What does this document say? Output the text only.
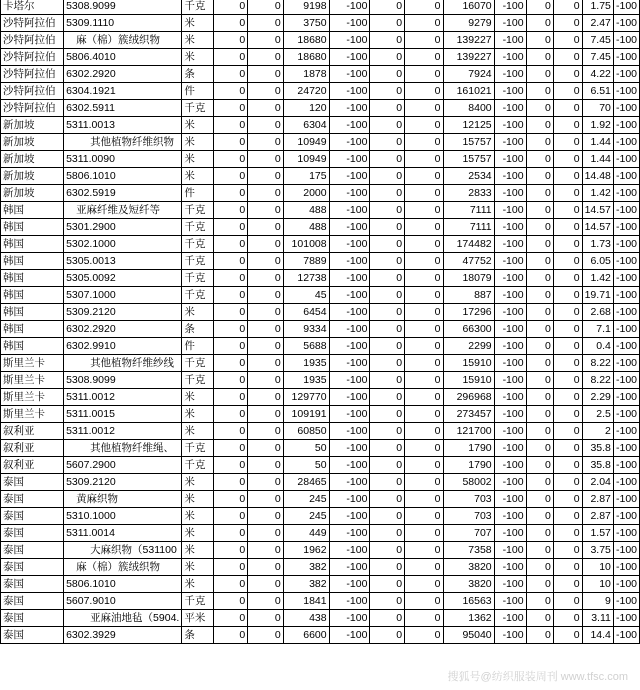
卡塔尔	5308.9099	千克	0	0	9198	-100	0	0	16070	-100	0	0	1.75	-100
沙特阿拉伯	5309.1110	米	0	0	3750	-100	0	0	9279	-100	0	0	2.47	-100
沙特阿拉伯	麻（棉）簇绒织物	米	0	0	18680	-100	0	0	139227	-100	0	0	7.45	-100
沙特阿拉伯	5806.4010	米	0	0	18680	-100	0	0	139227	-100	0	0	7.45	-100
沙特阿拉伯	6302.2920	条	0	0	1878	-100	0	0	7924	-100	0	0	4.22	-100
沙特阿拉伯	6304.1921	件	0	0	24720	-100	0	0	161021	-100	0	0	6.51	-100
沙特阿拉伯	6302.5911	千克	0	0	120	-100	0	0	8400	-100	0	0	70	-100
新加坡	5311.0013	米	0	0	6304	-100	0	0	12125	-100	0	0	1.92	-100
新加坡	其他植物纤维织物	米	0	0	10949	-100	0	0	15757	-100	0	0	1.44	-100
新加坡	5311.0090	米	0	0	10949	-100	0	0	15757	-100	0	0	1.44	-100
新加坡	5806.1010	米	0	0	175	-100	0	0	2534	-100	0	0	14.48	-100
新加坡	6302.5919	件	0	0	2000	-100	0	0	2833	-100	0	0	1.42	-100
韩国	亚麻纤维及短纤等	千克	0	0	488	-100	0	0	7111	-100	0	0	14.57	-100
韩国	5301.2900	千克	0	0	488	-100	0	0	7111	-100	0	0	14.57	-100
韩国	5302.1000	千克	0	0	101008	-100	0	0	174482	-100	0	0	1.73	-100
韩国	5305.0013	千克	0	0	7889	-100	0	0	47752	-100	0	0	6.05	-100
韩国	5305.0092	千克	0	0	12738	-100	0	0	18079	-100	0	0	1.42	-100
韩国	5307.1000	千克	0	0	45	-100	0	0	887	-100	0	0	19.71	-100
韩国	5309.2120	米	0	0	6454	-100	0	0	17296	-100	0	0	2.68	-100
韩国	6302.2920	条	0	0	9334	-100	0	0	66300	-100	0	0	7.1	-100
韩国	6302.9910	件	0	0	5688	-100	0	0	2299	-100	0	0	0.4	-100
斯里兰卡	其他植物纤维纱线	千克	0	0	1935	-100	0	0	15910	-100	0	0	8.22	-100
斯里兰卡	5308.9099	千克	0	0	1935	-100	0	0	15910	-100	0	0	8.22	-100
斯里兰卡	5311.0012	米	0	0	129770	-100	0	0	296968	-100	0	0	2.29	-100
斯里兰卡	5311.0015	米	0	0	109191	-100	0	0	273457	-100	0	0	2.5	-100
叙利亚	5311.0012	米	0	0	60850	-100	0	0	121700	-100	0	0	2	-100
叙利亚	其他植物纤维绳、	千克	0	0	50	-100	0	0	1790	-100	0	0	35.8	-100
叙利亚	5607.2900	千克	0	0	50	-100	0	0	1790	-100	0	0	35.8	-100
泰国	5309.2120	米	0	0	28465	-100	0	0	58002	-100	0	0	2.04	-100
泰国	黄麻织物	米	0	0	245	-100	0	0	703	-100	0	0	2.87	-100
泰国	5310.1000	米	0	0	245	-100	0	0	703	-100	0	0	2.87	-100
泰国	5311.0014	米	0	0	449	-100	0	0	707	-100	0	0	1.57	-100
泰国	大麻织物（531100	米	0	0	1962	-100	0	0	7358	-100	0	0	3.75	-100
泰国	麻（棉）簇绒织物	米	0	0	382	-100	0	0	3820	-100	0	0	10	-100
泰国	5806.1010	米	0	0	382	-100	0	0	3820	-100	0	0	10	-100
泰国	5607.9010	千克	0	0	1841	-100	0	0	16563	-100	0	0	9	-100
泰国	亚麻油地毡（5904.	平米	0	0	438	-100	0	0	1362	-100	0	0	3.11	-100
泰国	6302.3929	条	0	0	6600	-100	0	0	95040	-100	0	0	14.4	-100
搜狐号@纺织服装周刊 www.tfsc.com
